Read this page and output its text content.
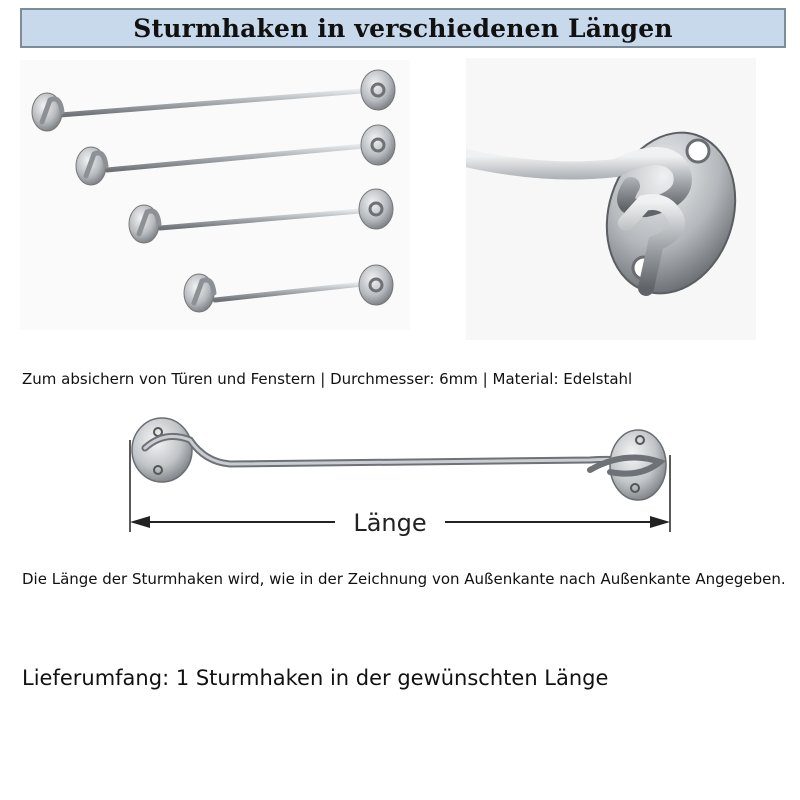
Sturmhaken in verschiedenen Längen
Zum absichern von Türen und Fenstern | Durchmesser: 6mm | Material: Edelstahl
Länge
Die Länge der Sturmhaken wird, wie in der Zeichnung von Außenkante nach Außenkante Angegeben.
Lieferumfang: 1 Sturmhaken in der gewünschten Länge
